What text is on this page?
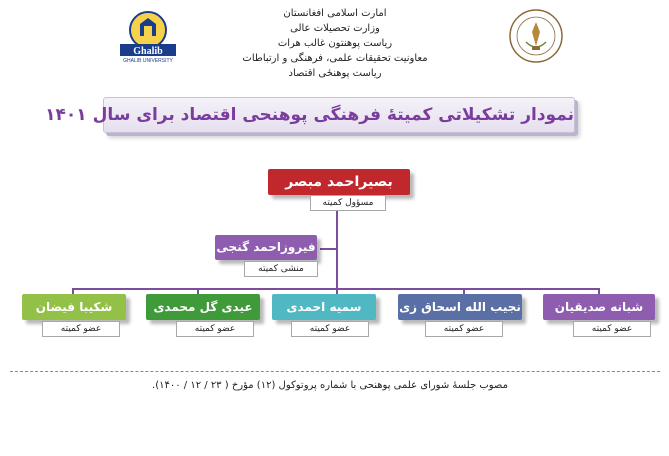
Ghalib
GHALIB UNIVERSITY
امارت اسلامی افغانستان
وزارت تحصیلات عالی
ریاست پوهنتون غالب هرات
معاونیت تحقیقات علمی، فرهنگی و ارتباطات
ریاست پوهنځی اقتصاد
نمودار تشکیلاتی کمیتهٔ فرهنگی پوهنحی اقتصاد برای سال ۱۴۰۱
بصیراحمد مبصر
مسؤول کمیته
فیروزاحمد گنجی
منشی کمیته
شبانه صدیقیان
عضو کمیته
نجیب الله اسحاق زی
عضو کمیته
سمیه احمدی
عضو کمیته
عیدی گل محمدی
عضو کمیته
شکیبا فیضان
عضو کمیته
مصوب جلسهٔ شورای علمی پوهنحی با شماره پروتوکول (۱۲) مؤرخ ( ۲۳ / ۱۲ / ۱۴۰۰).
